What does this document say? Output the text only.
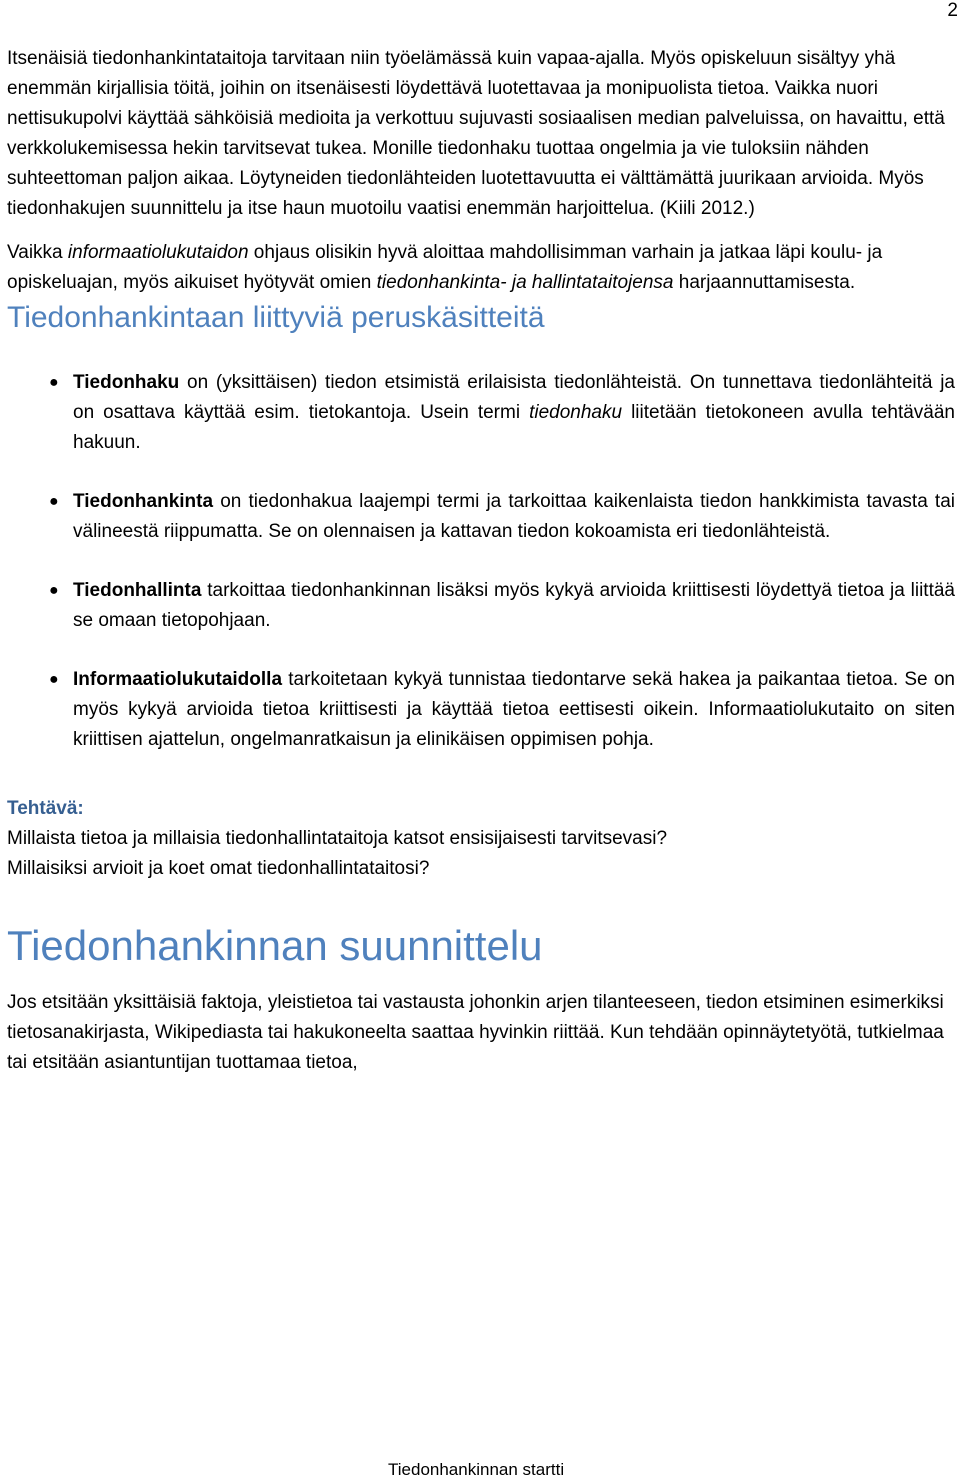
2

Itsenäisiä tiedonhankintataitoja tarvitaan niin työelämässä kuin vapaa-ajalla. Myös opiskeluun sisältyy yhä enemmän kirjallisia töitä, joihin on itsenäisesti löydettävä luotettavaa ja monipuolista tietoa. Vaikka nuori nettisukupolvi käyttää sähköisiä medioita ja verkottuu sujuvasti sosiaalisen median palveluissa, on havaittu, että verkkolukemisessa hekin tarvitsevat tukea. Monille tiedonhaku tuottaa ongelmia ja vie tuloksiin nähden suhteettoman paljon aikaa. Löytyneiden tiedonlähteiden luotettavuutta ei välttämättä juurikaan arvioida. Myös tiedonhakujen suunnittelu ja itse haun muotoilu vaatisi enemmän harjoittelua. (Kiili 2012.)

Vaikka informaatiolukutaidon ohjaus olisikin hyvä aloittaa mahdollisimman varhain ja jatkaa läpi koulu- ja opiskeluajan, myös aikuiset hyötyvät omien tiedonhankinta- ja hallintataitojensa harjaannuttamisesta.

Tiedonhankintaan liittyviä peruskäsitteitä
● Tiedonhaku on (yksittäisen) tiedon etsimistä erilaisista tiedonlähteistä. On tunnettava tiedonlähteitä ja on osattava käyttää esim. tietokantoja. Usein termi tiedonhaku liitetään tietokoneen avulla tehtävään hakuun.
● Tiedonhankinta on tiedonhakua laajempi termi ja tarkoittaa kaikenlaista tiedon hankkimista tavasta tai välineestä riippumatta. Se on olennaisen ja kattavan tiedon kokoamista eri tiedonlähteistä.
● Tiedonhallinta tarkoittaa tiedonhankinnan lisäksi myös kykyä arvioida kriittisesti löydettyä tietoa ja liittää se omaan tietopohjaan.
● Informaatiolukutaidolla tarkoitetaan kykyä tunnistaa tiedontarve sekä hakea ja paikantaa tietoa. Se on myös kykyä arvioida tietoa kriittisesti ja käyttää tietoa eettisesti oikein. Informaatiolukutaito on siten kriittisen ajattelun, ongelmanratkaisun ja elinikäisen oppimisen pohja.
Tehtävä:
Millaista tietoa ja millaisia tiedonhallintataitoja katsot ensisijaisesti tarvitsevasi?
Millaisiksi arvioit ja koet omat tiedonhallintataitosi?
Tiedonhankinnan suunnittelu

Jos etsitään yksittäisiä faktoja, yleistietoa tai vastausta johonkin arjen tilanteeseen, tiedon etsiminen esimerkiksi tietosanakirjasta, Wikipediasta tai hakukoneelta saattaa hyvinkin riittää. Kun tehdään opinnäytetyötä, tutkielmaa tai etsitään asiantuntijan tuottamaa tietoa,

Tiedonhankinnan startti
